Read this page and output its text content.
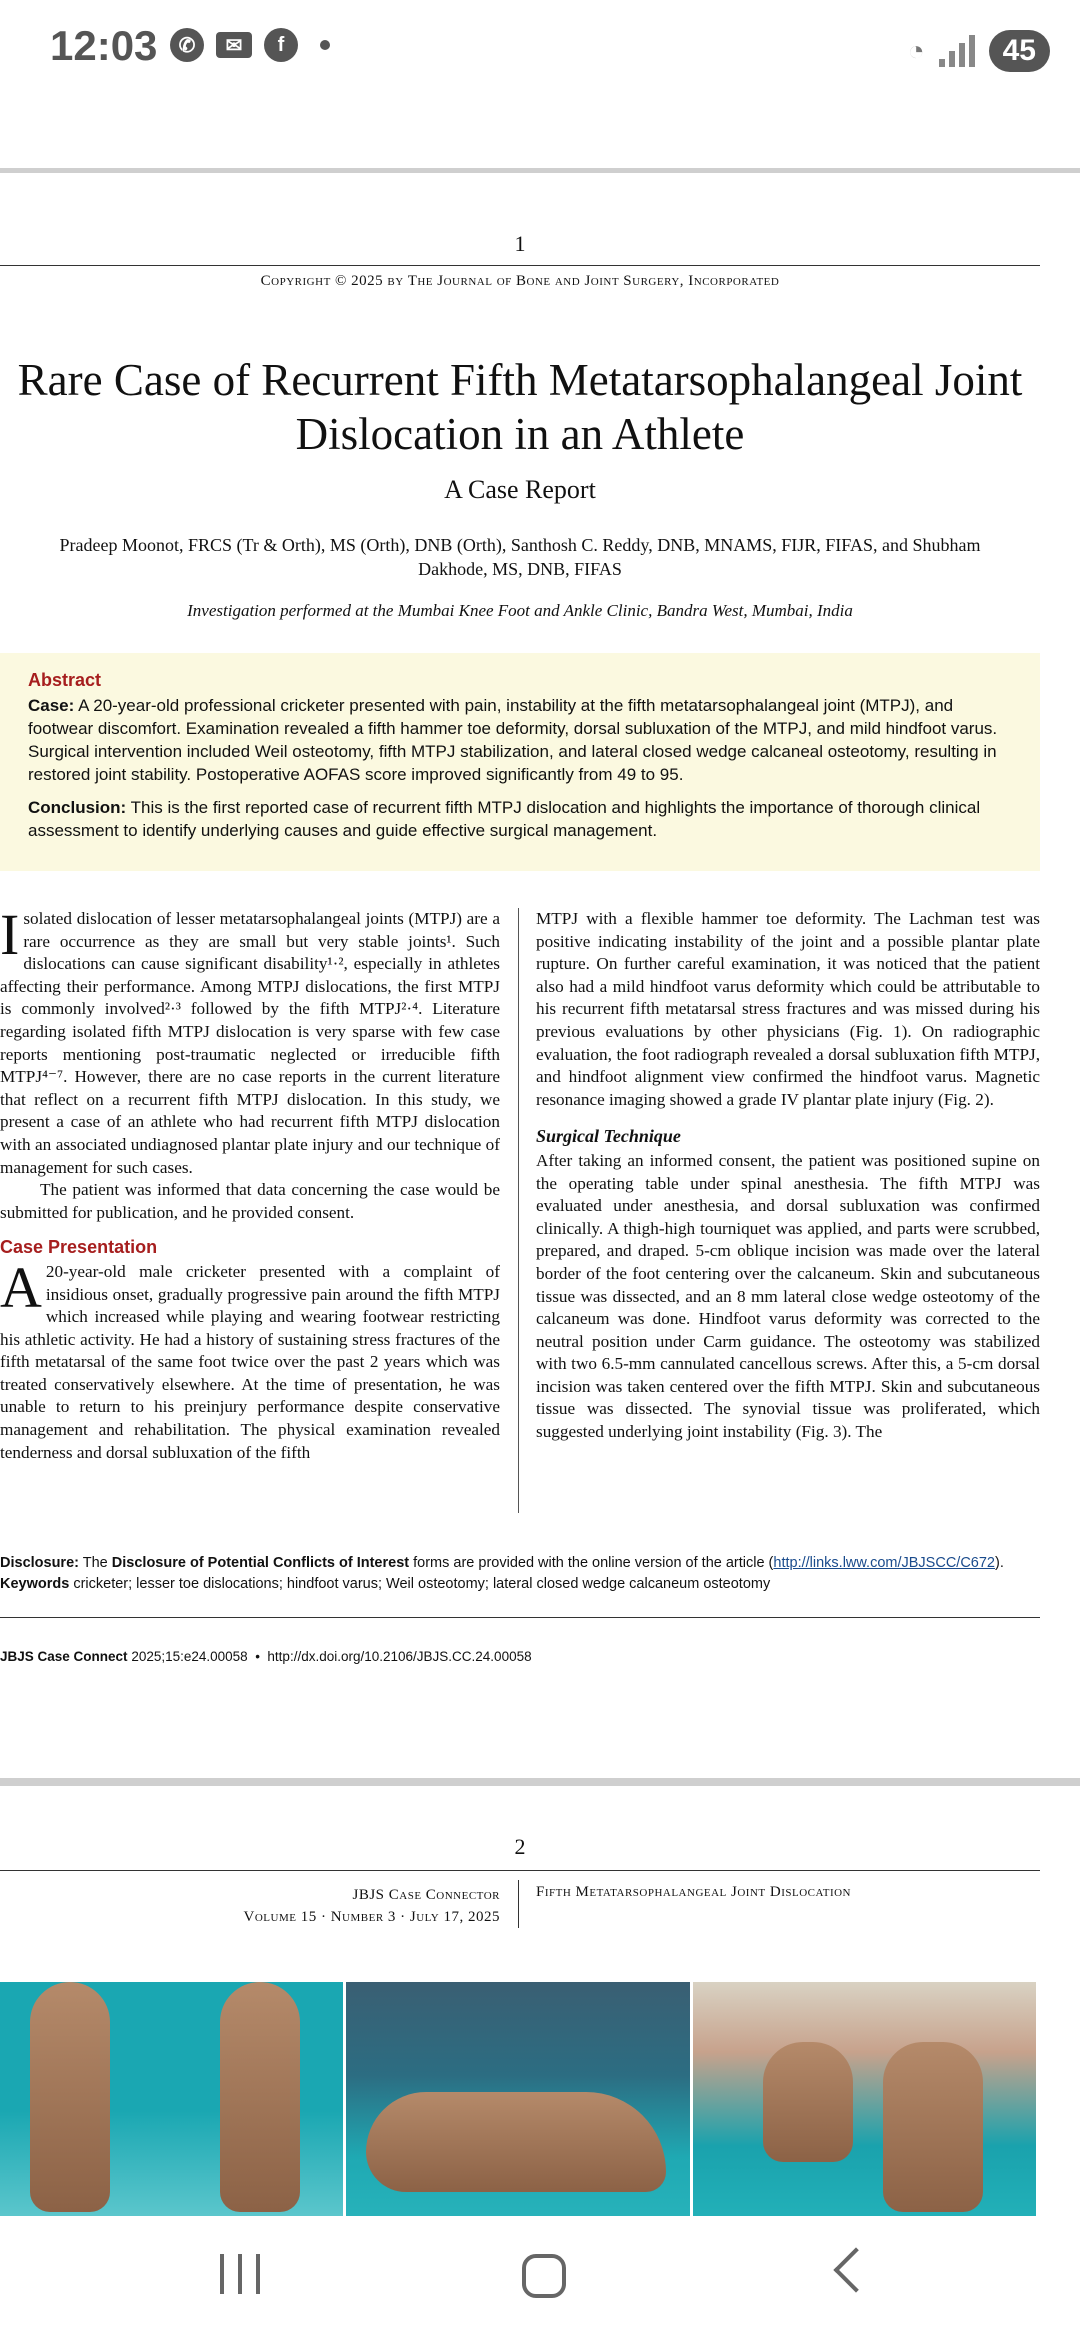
12:03	✆	✉	f	◔	45
1
Copyright © 2025 by The Journal of Bone and Joint Surgery, Incorporated
Rare Case of Recurrent Fifth Metatarsophalangeal Joint Dislocation in an Athlete
A Case Report
Pradeep Moonot, FRCS (Tr & Orth), MS (Orth), DNB (Orth), Santhosh C. Reddy, DNB, MNAMS, FIJR, FIFAS, and Shubham Dakhode, MS, DNB, FIFAS
Investigation performed at the Mumbai Knee Foot and Ankle Clinic, Bandra West, Mumbai, India
Abstract

Case: A 20-year-old professional cricketer presented with pain, instability at the fifth metatarsophalangeal joint (MTPJ), and footwear discomfort. Examination revealed a fifth hammer toe deformity, dorsal subluxation of the MTPJ, and mild hindfoot varus. Surgical intervention included Weil osteotomy, fifth MTPJ stabilization, and lateral closed wedge calcaneal osteotomy, resulting in restored joint stability. Postoperative AOFAS score improved significantly from 49 to 95.

Conclusion: This is the first reported case of recurrent fifth MTPJ dislocation and highlights the importance of thorough clinical assessment to identify underlying causes and guide effective surgical management.

Isolated dislocation of lesser metatarsophalangeal joints (MTPJ) are a rare occurrence as they are small but very stable joints¹. Such dislocations can cause significant disability¹·², especially in athletes affecting their performance. Among MTPJ dislocations, the first MTPJ is commonly involved²·³ followed by the fifth MTPJ²·⁴. Literature regarding isolated fifth MTPJ dislocation is very sparse with few case reports mentioning post-traumatic neglected or irreducible fifth MTPJ⁴⁻⁷. However, there are no case reports in the current literature that reflect on a recurrent fifth MTPJ dislocation. In this study, we present a case of an athlete who had recurrent fifth MTPJ dislocation with an associated undiagnosed plantar plate injury and our technique of management for such cases.

The patient was informed that data concerning the case would be submitted for publication, and he provided consent.

Case Presentation

A 20-year-old male cricketer presented with a complaint of insidious onset, gradually progressive pain around the fifth MTPJ which increased while playing and wearing footwear restricting his athletic activity. He had a history of sustaining stress fractures of the fifth metatarsal of the same foot twice over the past 2 years which was treated conservatively elsewhere. At the time of presentation, he was unable to return to his preinjury performance despite conservative management and rehabilitation. The physical examination revealed tenderness and dorsal subluxation of the fifth

MTPJ with a flexible hammer toe deformity. The Lachman test was positive indicating instability of the joint and a possible plantar plate rupture. On further careful examination, it was noticed that the patient also had a mild hindfoot varus deformity which could be attributable to his recurrent fifth metatarsal stress fractures and was missed during his previous evaluations by other physicians (Fig. 1). On radiographic evaluation, the foot radiograph revealed a dorsal subluxation fifth MTPJ, and hindfoot alignment view confirmed the hindfoot varus. Magnetic resonance imaging showed a grade IV plantar plate injury (Fig. 2).

Surgical Technique

After taking an informed consent, the patient was positioned supine on the operating table under spinal anesthesia. The fifth MTPJ was evaluated under anesthesia, and dorsal subluxation was confirmed clinically. A thigh-high tourniquet was applied, and parts were scrubbed, prepared, and draped. 5-cm oblique incision was made over the lateral border of the foot centering over the calcaneum. Skin and subcutaneous tissue was dissected, and an 8 mm lateral close wedge osteotomy of the calcaneum was done. Hindfoot varus deformity was corrected to the neutral position under Carm guidance. The osteotomy was stabilized with two 6.5-mm cannulated cancellous screws. After this, a 5-cm dorsal incision was taken centered over the fifth MTPJ. Skin and subcutaneous tissue was dissected. The synovial tissue was proliferated, which suggested underlying joint instability (Fig. 3). The

Disclosure: The Disclosure of Potential Conflicts of Interest forms are provided with the online version of the article (http://links.lww.com/JBJSCC/C672).
Keywords cricketer; lesser toe dislocations; hindfoot varus; Weil osteotomy; lateral closed wedge calcaneum osteotomy
JBJS Case Connect 2025;15:e24.00058  •  http://dx.doi.org/10.2106/JBJS.CC.24.00058
2
JBJS Case Connector
Volume 15 · Number 3 · July 17, 2025
Fifth Metatarsophalangeal Joint Dislocation
